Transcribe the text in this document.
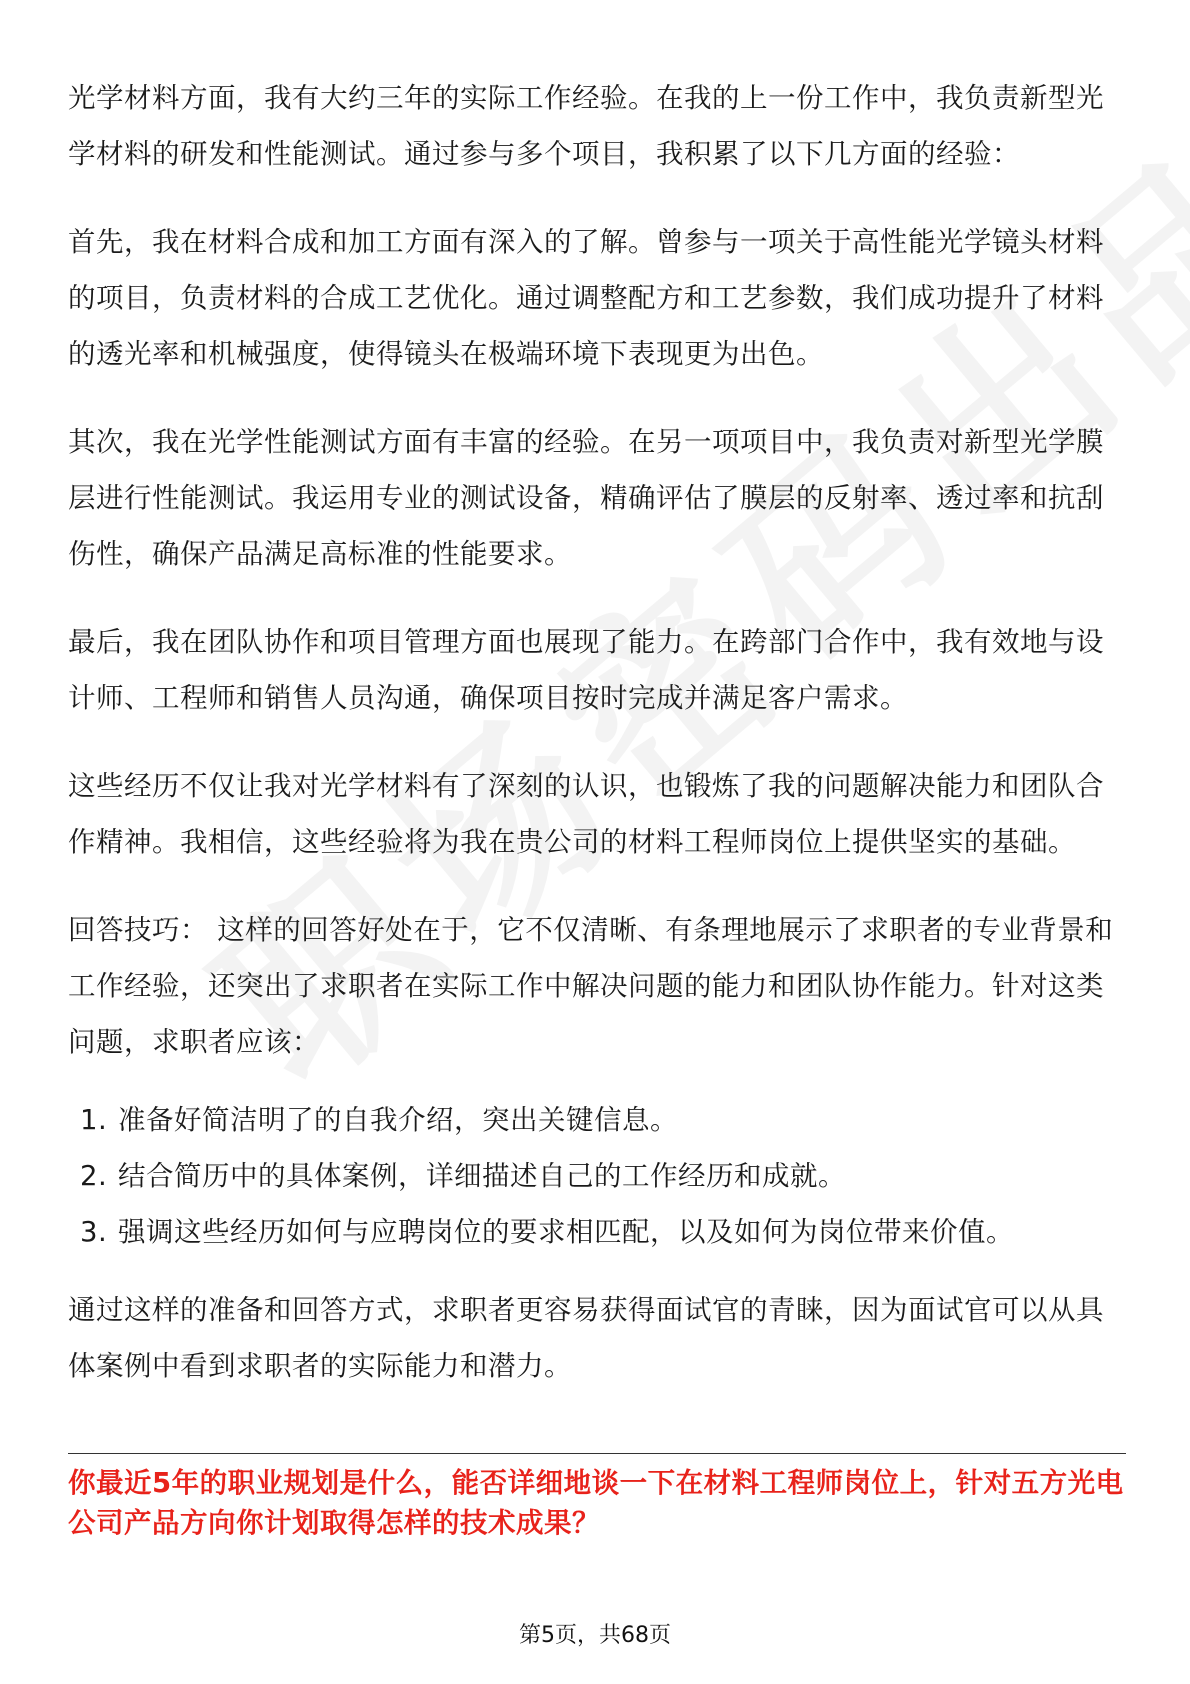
光学材料方面，我有大约三年的实际工作经验。在我的上一份工作中，我负责新型光学材料的研发和性能测试。通过参与多个项目，我积累了以下几方面的经验：

首先，我在材料合成和加工方面有深入的了解。曾参与一项关于高性能光学镜头材料的项目，负责材料的合成工艺优化。通过调整配方和工艺参数，我们成功提升了材料的透光率和机械强度，使得镜头在极端环境下表现更为出色。

其次，我在光学性能测试方面有丰富的经验。在另一项项目中，我负责对新型光学膜层进行性能测试。我运用专业的测试设备，精确评估了膜层的反射率、透过率和抗刮伤性，确保产品满足高标准的性能要求。

最后，我在团队协作和项目管理方面也展现了能力。在跨部门合作中，我有效地与设计师、工程师和销售人员沟通，确保项目按时完成并满足客户需求。

这些经历不仅让我对光学材料有了深刻的认识，也锻炼了我的问题解决能力和团队合作精神。我相信，这些经验将为我在贵公司的材料工程师岗位上提供坚实的基础。

回答技巧： 这样的回答好处在于，它不仅清晰、有条理地展示了求职者的专业背景和工作经验，还突出了求职者在实际工作中解决问题的能力和团队协作能力。针对这类问题，求职者应该：

1. 准备好简洁明了的自我介绍，突出关键信息。
2. 结合简历中的具体案例，详细描述自己的工作经历和成就。
3. 强调这些经历如何与应聘岗位的要求相匹配，以及如何为岗位带来价值。

通过这样的准备和回答方式，求职者更容易获得面试官的青睐，因为面试官可以从具体案例中看到求职者的实际能力和潜力。

你最近5年的职业规划是什么，能否详细地谈一下在材料工程师岗位上，针对五方光电公司产品方向你计划取得怎样的技术成果？

第5页，共68页
